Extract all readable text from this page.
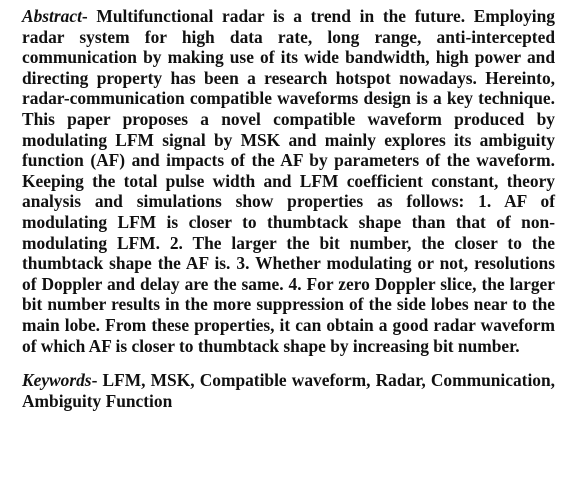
Abstract- Multifunctional radar is a trend in the future. Employing radar system for high data rate, long range, anti-intercepted communication by making use of its wide bandwidth, high power and directing property has been a research hotspot nowadays. Hereinto, radar-communication compatible waveforms design is a key technique. This paper proposes a novel compatible waveform produced by modulating LFM signal by MSK and mainly explores its ambiguity function (AF) and impacts of the AF by parameters of the waveform. Keeping the total pulse width and LFM coefficient constant, theory analysis and simulations show properties as follows: 1. AF of modulating LFM is closer to thumbtack shape than that of non-modulating LFM. 2. The larger the bit number, the closer to the thumbtack shape the AF is. 3. Whether modulating or not, resolutions of Doppler and delay are the same. 4. For zero Doppler slice, the larger bit number results in the more suppression of the side lobes near to the main lobe. From these properties, it can obtain a good radar waveform of which AF is closer to thumbtack shape by increasing bit number.

Keywords- LFM, MSK, Compatible waveform, Radar, Communication, Ambiguity Function
